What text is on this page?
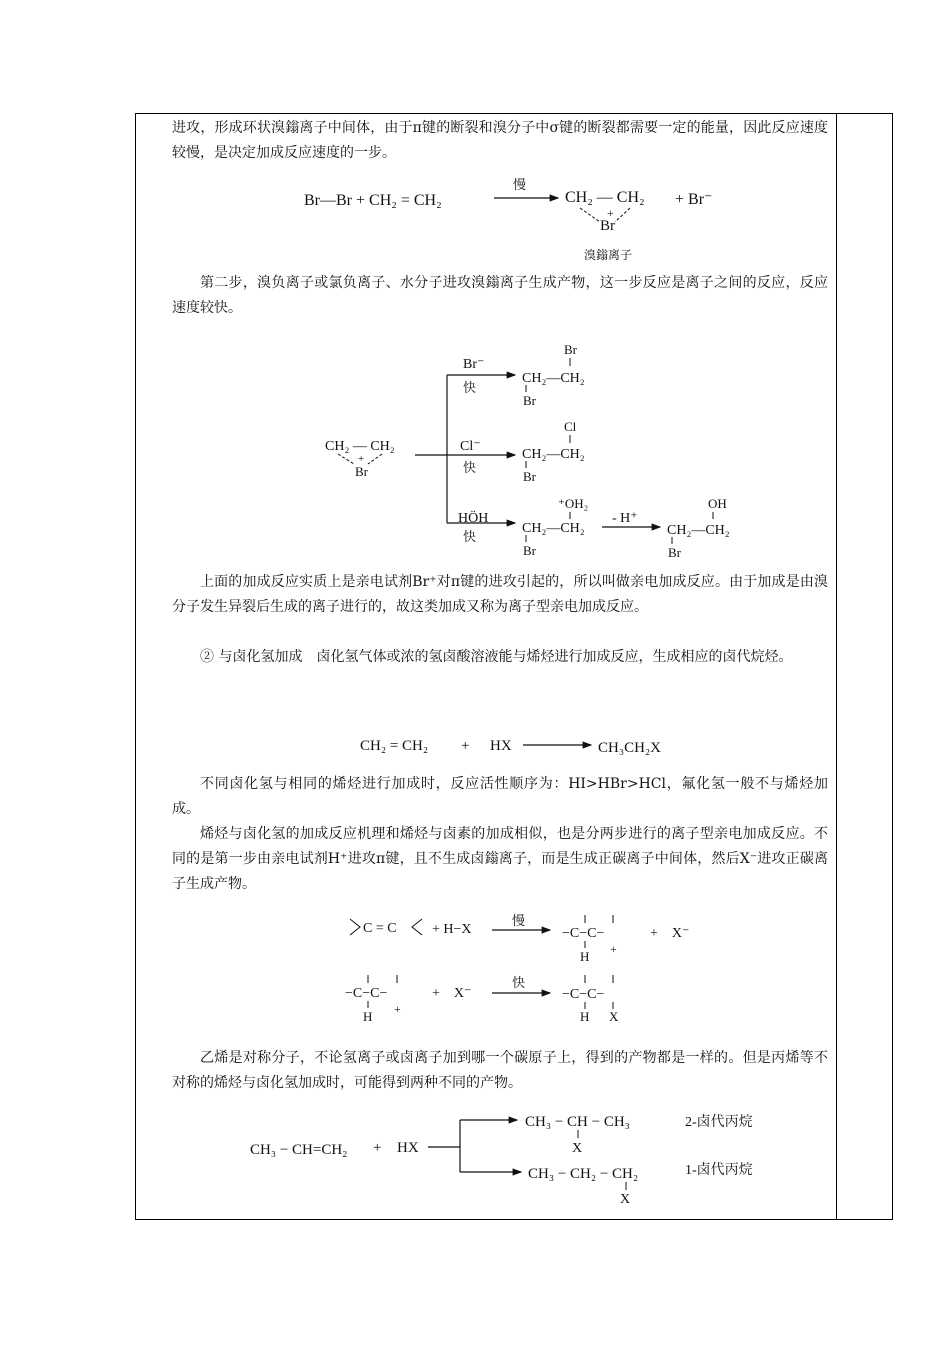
进攻，形成环状溴鎓离子中间体，由于π键的断裂和溴分子中σ键的断裂都需要一定的能量，因此反应速度较慢，是决定加成反应速度的一步。

Br—Br + CH₂ = CH₂
慢
CH₂ — CH₂
+
Br
+ Br⁻
溴鎓离子

第二步，溴负离子或氯负离子、水分子进攻溴鎓离子生成产物，这一步反应是离子之间的反应，反应速度较快。

CH₂ — CH₂
+
Br
Br⁻
快
Br
CH₂—CH₂
Br
Cl⁻
快
Cl
CH₂—CH₂
Br
HÖH
快
⁺OH₂
CH₂—CH₂
Br
- H⁺
OH
CH₂—CH₂
Br

上面的加成反应实质上是亲电试剂Br⁺对π键的进攻引起的，所以叫做亲电加成反应。由于加成是由溴分子发生异裂后生成的离子进行的，故这类加成又称为离子型亲电加成反应。

② 与卤化氢加成　卤化氢气体或浓的氢卤酸溶液能与烯烃进行加成反应，生成相应的卤代烷烃。

CH₂ = CH₂ + HX	CH₃CH₂X

不同卤化氢与相同的烯烃进行加成时，反应活性顺序为：HI>HBr>HCl，氟化氢一般不与烯烃加成。

烯烃与卤化氢的加成反应机理和烯烃与卤素的加成相似，也是分两步进行的离子型亲电加成反应。不同的是第一步由亲电试剂H⁺进攻π键，且不生成卤鎓离子，而是生成正碳离子中间体，然后X⁻进攻正碳离子生成产物。

C = C	+ H−X
慢
−C−C−
H +
+　X⁻
−C−C−
H +
+　X⁻
快
−C−C−
H X

乙烯是对称分子，不论氢离子或卤离子加到哪一个碳原子上，得到的产物都是一样的。但是丙烯等不对称的烯烃与卤化氢加成时，可能得到两种不同的产物。

CH₃ − CH=CH₂ + HX
CH₃ − CH − CH₃
X
2-卤代丙烷
CH₃ − CH₂ − CH₂
X
1-卤代丙烷
